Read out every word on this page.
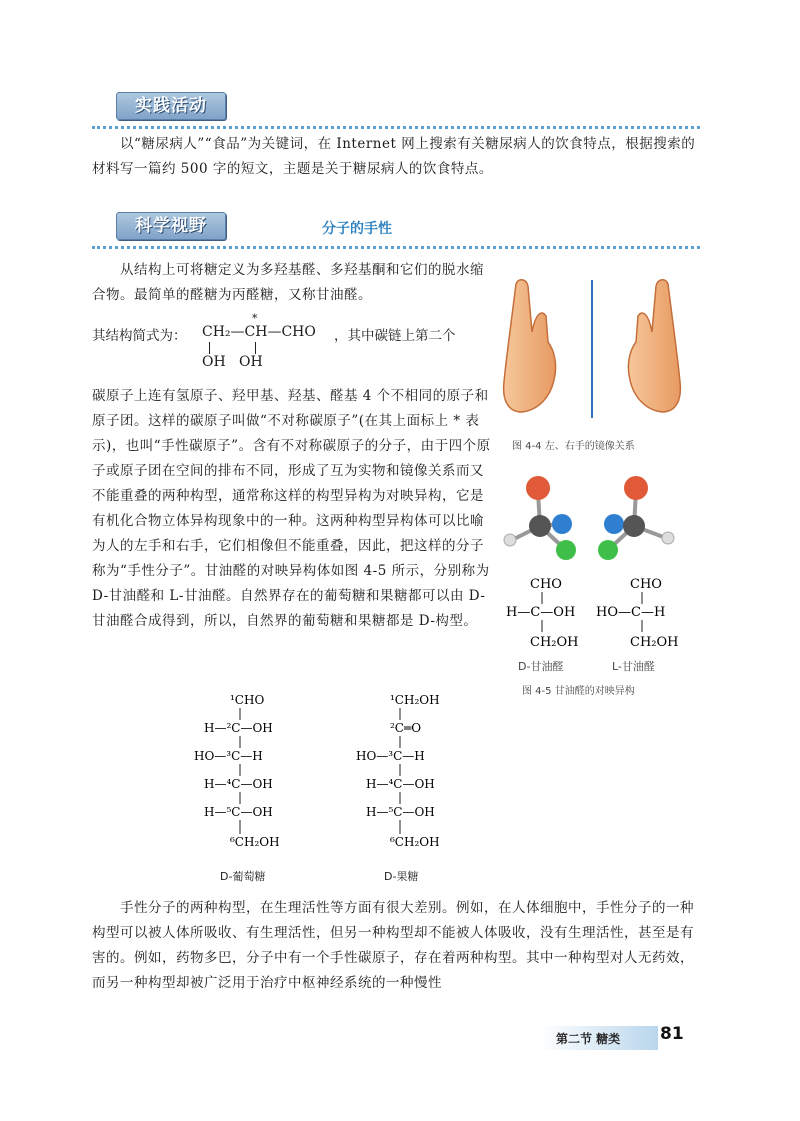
实践活动

以“糖尿病人”“食品”为关键词，在 Internet 网上搜索有关糖尿病人的饮食特点，根据搜索的材料写一篇约 500 字的短文，主题是关于糖尿病人的饮食特点。

科学视野	分子的手性

从结构上可将糖定义为多羟基醛、多羟基酮和它们的脱水缩合物。最简单的醛糖为丙醛糖，又称甘油醛。

其结构简式为：
*
CH₂—CH—CHO
OH   OH
，其中碳链上第二个

碳原子上连有氢原子、羟甲基、羟基、醛基 4 个不相同的原子和原子团。这样的碳原子叫做“不对称碳原子”(在其上面标上 * 表示)，也叫“手性碳原子”。含有不对称碳原子的分子，由于四个原子或原子团在空间的排布不同，形成了互为实物和镜像关系而又不能重叠的两种构型，通常称这样的构型异构为对映异构，它是有机化合物立体异构现象中的一种。这两种构型异构体可以比喻为人的左手和右手，它们相像但不能重叠，因此，把这样的分子称为“手性分子”。甘油醛的对映异构体如图 4-5 所示，分别称为 D-甘油醛和 L-甘油醛。自然界存在的葡萄糖和果糖都可以由 D-甘油醛合成得到，所以，自然界的葡萄糖和果糖都是 D-构型。

图 4-4 左、右手的镜像关系
CHO
H—C—OH
CH₂OH
CHO
HO—C—H
CH₂OH
D-甘油醛	L-甘油醛
图 4-5 甘油醛的对映异构
¹CHO
H—²C—OH
HO—³C—H
H—⁴C—OH
H—⁵C—OH
⁶CH₂OH
¹CH₂OH
²C═O
HO—³C—H
H—⁴C—OH
H—⁵C—OH
⁶CH₂OH
D-葡萄糖	D-果糖

手性分子的两种构型，在生理活性等方面有很大差别。例如，在人体细胞中，手性分子的一种构型可以被人体所吸收、有生理活性，但另一种构型却不能被人体吸收，没有生理活性，甚至是有害的。例如，药物多巴，分子中有一个手性碳原子，存在着两种构型。其中一种构型对人无药效，而另一种构型却被广泛用于治疗中枢神经系统的一种慢性

第二节 糖类 81
